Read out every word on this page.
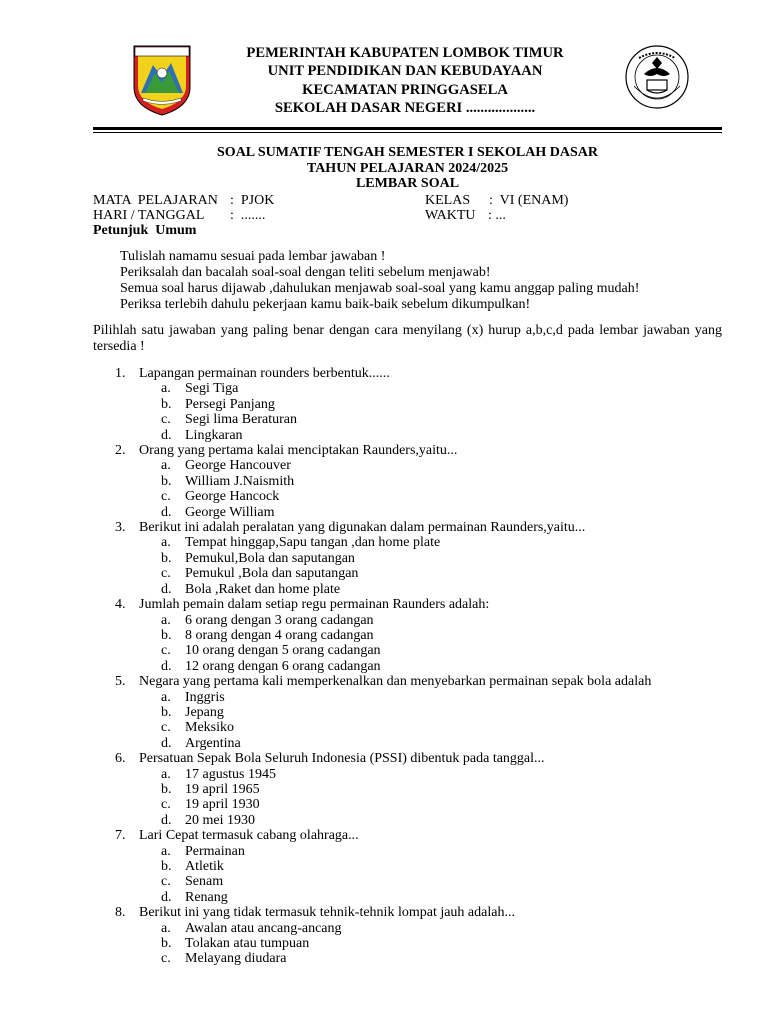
PEMERINTAH KABUPATEN LOMBOK TIMUR
UNIT PENDIDIKAN DAN KEBUDAYAAN
KECAMATAN PRINGGASELA
SEKOLAH DASAR NEGERI ...................
SOAL SUMATIF TENGAH SEMESTER I SEKOLAH DASAR
TAHUN PELAJARAN 2024/2025
LEMBAR SOAL
MATA  PELAJARAN :  PJOK	KELAS :  VI (ENAM)
HARI / TANGGAL :  .......	WAKTU : ...
Petunjuk  Umum
Tulislah namamu sesuai pada lembar jawaban !
Periksalah dan bacalah soal-soal dengan teliti sebelum menjawab!
Semua soal harus dijawab ,dahulukan menjawab soal-soal yang kamu anggap paling mudah!
Periksa terlebih dahulu pekerjaan kamu baik-baik sebelum dikumpulkan!
Pilihlah satu jawaban yang paling benar dengan cara menyilang (x) hurup a,b,c,d pada lembar jawaban yang tersedia !
1. Lapangan permainan rounders berbentuk......
a.	Segi Tiga
b. Persegi Panjang
c.	Segi lima Beraturan
d. Lingkaran
2. Orang yang pertama kalai menciptakan Raunders,yaitu...
a.	George Hancouver
b. William J.Naismith
c.	George Hancock
d. George William
3. Berikut ini adalah peralatan yang digunakan dalam permainan Raunders,yaitu...
a.	Tempat hinggap,Sapu tangan ,dan home plate
b. Pemukul,Bola dan saputangan
c.	Pemukul ,Bola dan saputangan
d. Bola ,Raket dan home plate
4. Jumlah pemain dalam setiap regu permainan Raunders adalah:
a.	6 orang dengan 3 orang cadangan
b. 8 orang dengan 4 orang cadangan
c.	10 orang dengan 5 orang cadangan
d. 12 orang dengan 6 orang cadangan
5. Negara yang pertama kali memperkenalkan dan menyebarkan permainan sepak bola adalah
a.	Inggris
b. Jepang
c.	Meksiko
d. Argentina
6. Persatuan Sepak Bola Seluruh Indonesia (PSSI) dibentuk pada tanggal...
a.	17 agustus 1945
b. 19 april 1965
c.	19 april 1930
d. 20 mei 1930
7. Lari Cepat termasuk cabang olahraga...
a.	Permainan
b. Atletik
c.	Senam
d. Renang
8. Berikut ini yang tidak termasuk tehnik-tehnik lompat jauh adalah...
a.	Awalan atau ancang-ancang
b. Tolakan atau tumpuan
c.	Melayang diudara
